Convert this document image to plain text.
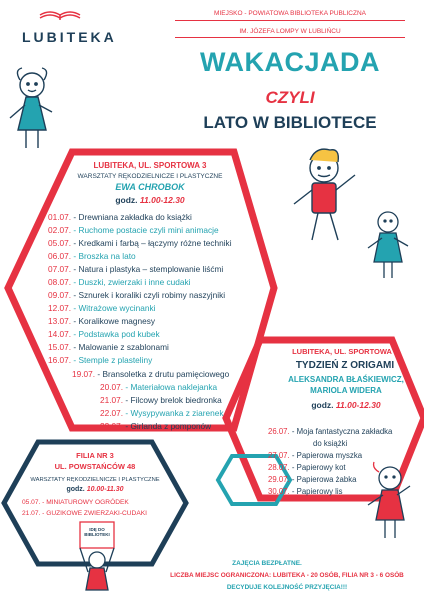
LUBITEKA
MIEJSKO - POWIATOWA BIBLIOTEKA PUBLICZNA
IM. JÓZEFA LOMPY W LUBLIŃCU
WAKACJADA
CZYLI
LATO W BIBLIOTECE
LUBITEKA, UL. SPORTOWA 3
WARSZTATY RĘKODZIELNICZE I PLASTYCZNE
EWA CHROBOK
godz. 11.00-12.30
01.07. - Drewniana zakładka do książki
02.07. - Ruchome postacie czyli mini animacje
05.07. - Kredkami i farbą – łączymy różne techniki
06.07. - Broszka na lato
07.07. - Natura i plastyka – stemplowanie liśćmi
08.07. - Duszki, zwierzaki i inne cudaki
09.07. - Sznurek i koraliki czyli robimy naszyjniki
12.07. - Witrażowe wycinanki
13.07. - Koralikowe magnesy
14.07. - Podstawka pod kubek
15.07. - Malowanie z szablonami
16.07. - Stemple z plasteliny
19.07. - Bransoletka z drutu pamięciowego
20.07. - Materiałowa naklejanka
21.07. - Filcowy brelok biedronka
22.07. - Wysypywanka z ziarenek
23.07. - Girlanda z pomponów
LUBITEKA, UL. SPORTOWA 3
TYDZIEŃ Z ORIGAMI
ALEKSANDRA BŁAŚKIEWICZ,
MARIOLA WIDERA
godz. 11.00-12.30
26.07. - Moja fantastyczna zakładka
do książki
27.07. - Papierowa myszka
28.07. - Papierowy kot
29.07. - Papierowa żabka
30.07. - Papierowy lis
FILIA NR 3
UL. POWSTAŃCÓW 48
WARSZTATY RĘKODZIELNICZE I PLASTYCZNE
godz. 10.00-11.30
05.07. - MINIATUROWY OGRÓDEK
21.07. - GUZIKOWE ZWIERZAKI-CUDAKI
IDĘ DO
BIBLIOTEKI
ZAJĘCIA BEZPŁATNE.
LICZBA MIEJSC OGRANICZONA: LUBITEKA - 20 OSÓB, FILIA NR 3 - 6 OSÓB
DECYDUJE KOLEJNOŚĆ PRZYJĘCIA!!!
